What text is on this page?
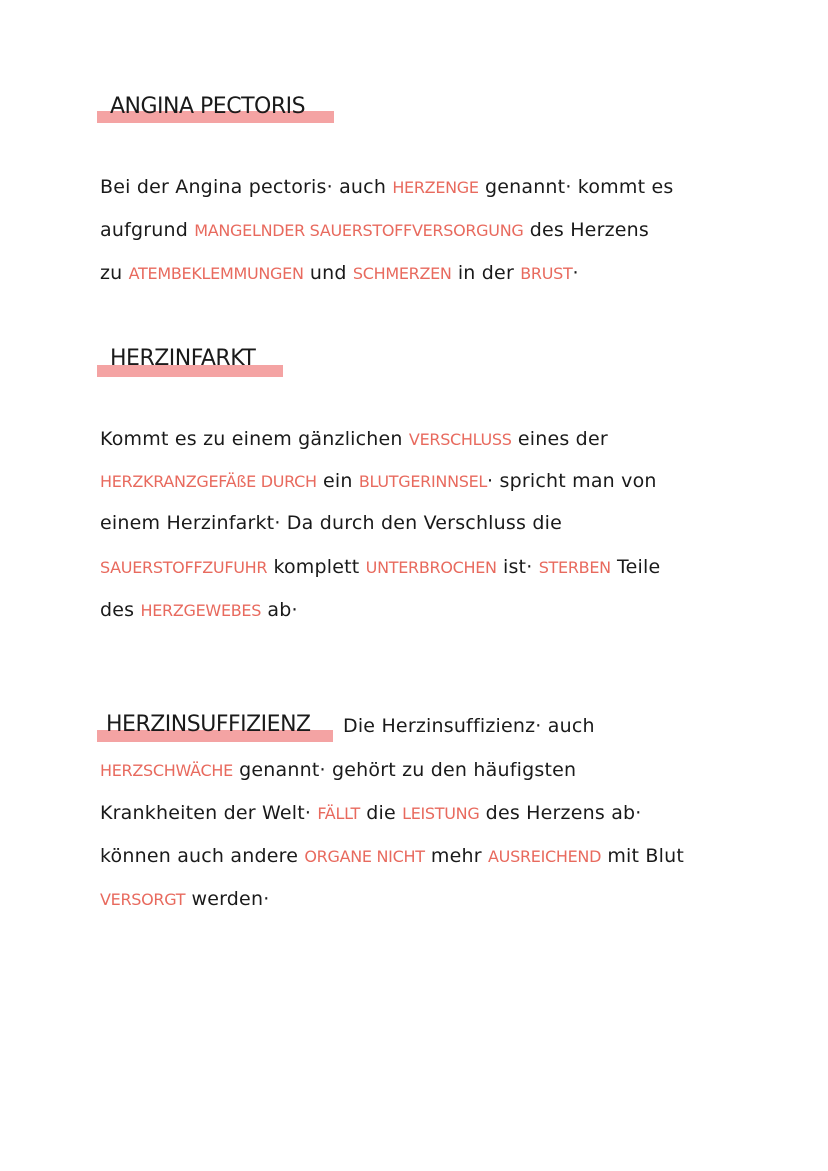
ANGINA PECTORIS
Bei der Angina pectoris· auch HERZENGE genannt· kommt es
aufgrund MANGELNDER SAUERSTOFFVERSORGUNG des Herzens
zu ATEMBEKLEMMUNGEN und SCHMERZEN in der BRUST·
HERZINFARKT
Kommt es zu einem gänzlichen VERSCHLUSS eines der
HERZKRANZGEFÄßE DURCH ein BLUTGERINNSEL· spricht man von
einem Herzinfarkt· Da durch den Verschluss die
SAUERSTOFFZUFUHR komplett UNTERBROCHEN ist· STERBEN Teile
des HERZGEWEBES ab·
HERZINSUFFIZIENZ Die Herzinsuffizienz· auch
HERZSCHWÄCHE genannt· gehört zu den häufigsten
Krankheiten der Welt· FÄLLT die LEISTUNG des Herzens ab·
können auch andere ORGANE NICHT mehr AUSREICHEND mit Blut
VERSORGT werden·
